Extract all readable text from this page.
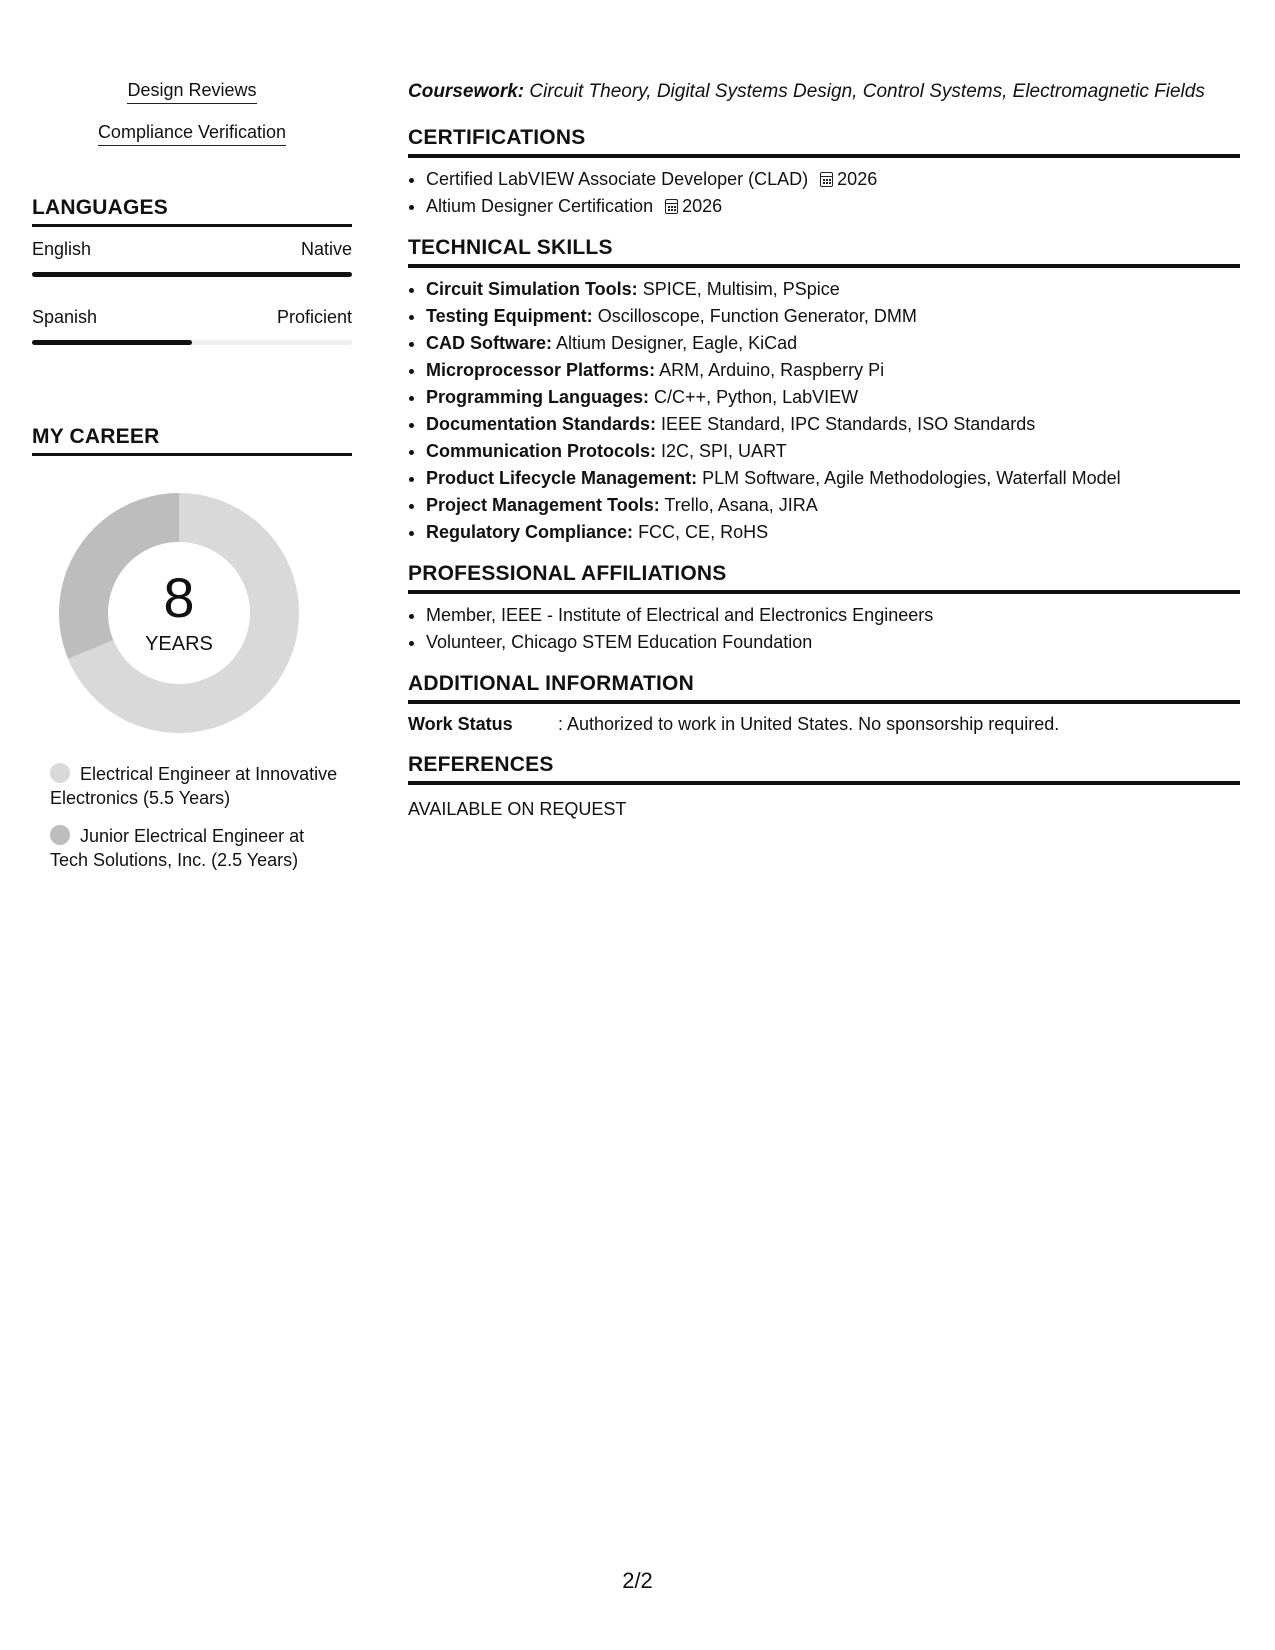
Design Reviews
Compliance Verification
LANGUAGES
English	Native
Spanish	Proficient
MY CAREER
8
YEARS
Electrical Engineer at Innovative Electronics (5.5 Years)
Junior Electrical Engineer at Tech Solutions, Inc. (2.5 Years)
Coursework: Circuit Theory, Digital Systems Design, Control Systems, Electromagnetic Fields
CERTIFICATIONS
• Certified LabVIEW Associate Developer (CLAD) 2026
• Altium Designer Certification 2026
TECHNICAL SKILLS
• Circuit Simulation Tools: SPICE, Multisim, PSpice
• Testing Equipment: Oscilloscope, Function Generator, DMM
• CAD Software: Altium Designer, Eagle, KiCad
• Microprocessor Platforms: ARM, Arduino, Raspberry Pi
• Programming Languages: C/C++, Python, LabVIEW
• Documentation Standards: IEEE Standard, IPC Standards, ISO Standards
• Communication Protocols: I2C, SPI, UART
• Product Lifecycle Management: PLM Software, Agile Methodologies, Waterfall Model
• Project Management Tools: Trello, Asana, JIRA
• Regulatory Compliance: FCC, CE, RoHS
PROFESSIONAL AFFILIATIONS
• Member, IEEE - Institute of Electrical and Electronics Engineers
• Volunteer, Chicago STEM Education Foundation
ADDITIONAL INFORMATION
Work Status	: Authorized to work in United States. No sponsorship required.
REFERENCES
AVAILABLE ON REQUEST
2/2
